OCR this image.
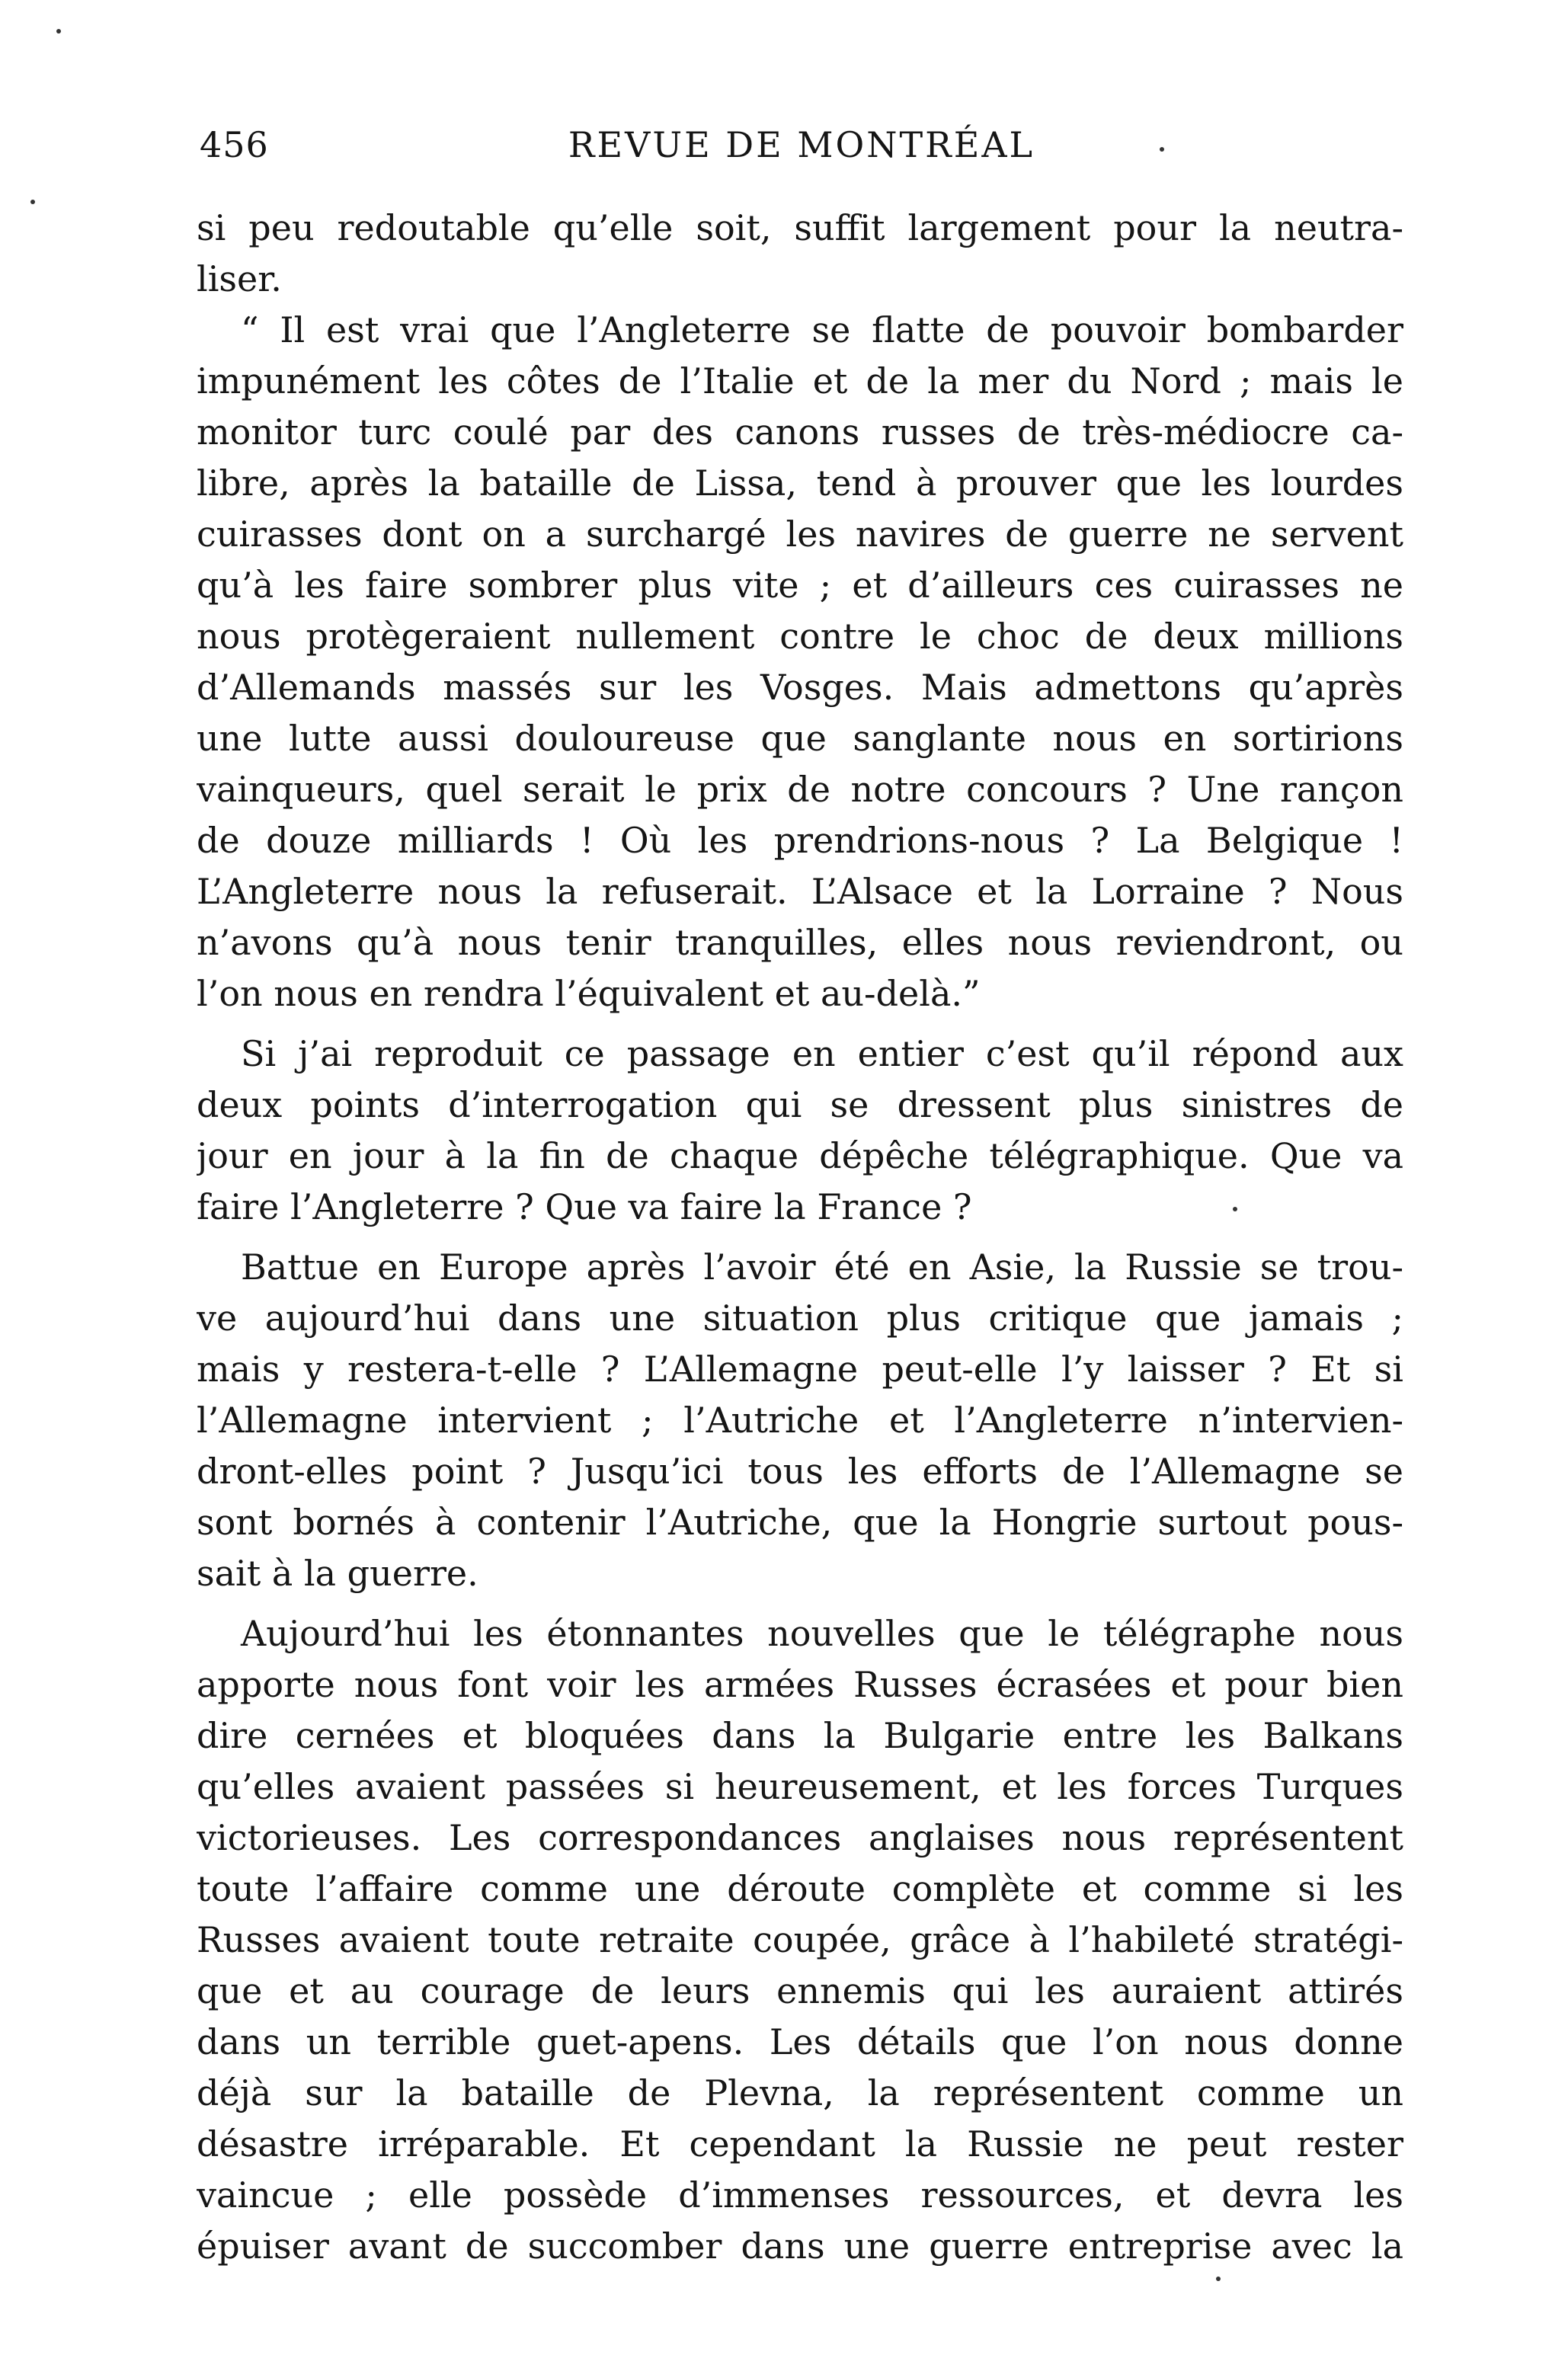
456	REVUE DE MONTRÉAL
si peu redoutable qu’elle soit, suffit largement pour la neutra-
liser.
“ Il est vrai que l’Angleterre se flatte de pouvoir bombarder
impunément les côtes de l’Italie et de la mer du Nord ; mais le
monitor turc coulé par des canons russes de très-médiocre ca-
libre, après la bataille de Lissa, tend à prouver que les lourdes
cuirasses dont on a surchargé les navires de guerre ne servent
qu’à les faire sombrer plus vite ; et d’ailleurs ces cuirasses ne
nous protègeraient nullement contre le choc de deux millions
d’Allemands massés sur les Vosges. Mais admettons qu’après
une lutte aussi douloureuse que sanglante nous en sortirions
vainqueurs, quel serait le prix de notre concours ? Une rançon
de douze milliards ! Où les prendrions-nous ? La Belgique !
L’Angleterre nous la refuserait. L’Alsace et la Lorraine ? Nous
n’avons qu’à nous tenir tranquilles, elles nous reviendront, ou
l’on nous en rendra l’équivalent et au-delà.”
Si j’ai reproduit ce passage en entier c’est qu’il répond aux
deux points d’interrogation qui se dressent plus sinistres de
jour en jour à la fin de chaque dépêche télégraphique. Que va
faire l’Angleterre ? Que va faire la France ?
Battue en Europe après l’avoir été en Asie, la Russie se trou-
ve aujourd’hui dans une situation plus critique que jamais ;
mais y restera-t-elle ? L’Allemagne peut-elle l’y laisser ? Et si
l’Allemagne intervient ; l’Autriche et l’Angleterre n’intervien-
dront-elles point ? Jusqu’ici tous les efforts de l’Allemagne se
sont bornés à contenir l’Autriche, que la Hongrie surtout pous-
sait à la guerre.
Aujourd’hui les étonnantes nouvelles que le télégraphe nous
apporte nous font voir les armées Russes écrasées et pour bien
dire cernées et bloquées dans la Bulgarie entre les Balkans
qu’elles avaient passées si heureusement, et les forces Turques
victorieuses. Les correspondances anglaises nous représentent
toute l’affaire comme une déroute complète et comme si les
Russes avaient toute retraite coupée, grâce à l’habileté stratégi-
que et au courage de leurs ennemis qui les auraient attirés
dans un terrible guet-apens. Les détails que l’on nous donne
déjà sur la bataille de Plevna, la représentent comme un
désastre irréparable. Et cependant la Russie ne peut rester
vaincue ; elle possède d’immenses ressources, et devra les
épuiser avant de succomber dans une guerre entreprise avec la
